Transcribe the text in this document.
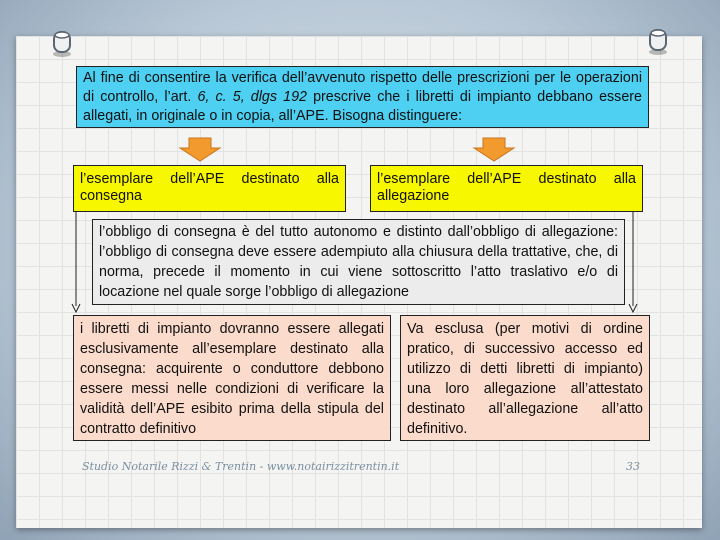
Al fine di consentire la verifica dell’avvenuto rispetto delle prescrizioni per le operazioni di controllo, l’art. 6, c. 5, dlgs 192 prescrive che i libretti di impianto debbano essere allegati, in originale o in copia, all’APE. Bisogna distinguere:
l’esemplare dell’APE destinato alla consegna
l’esemplare dell’APE destinato alla allegazione
l’obbligo di consegna è del tutto autonomo e distinto dall’obbligo di allegazione: l’obbligo di consegna deve essere adempiuto alla chiusura della trattative, che, di norma, precede il momento in cui viene sottoscritto l’atto traslativo e/o di locazione nel quale sorge l’obbligo di allegazione
i libretti di impianto dovranno essere allegati esclusivamente all’esemplare destinato alla consegna: acquirente o conduttore debbono essere messi nelle condizioni di verificare la validità dell’APE esibito prima della stipula del contratto definitivo
Va esclusa (per motivi di ordine pratico, di successivo accesso ed utilizzo di detti libretti di impianto) una loro allegazione all’attestato destinato all’allegazione all’atto definitivo.
Studio Notarile Rizzi & Trentin - www.notairizzitrentin.it	33
